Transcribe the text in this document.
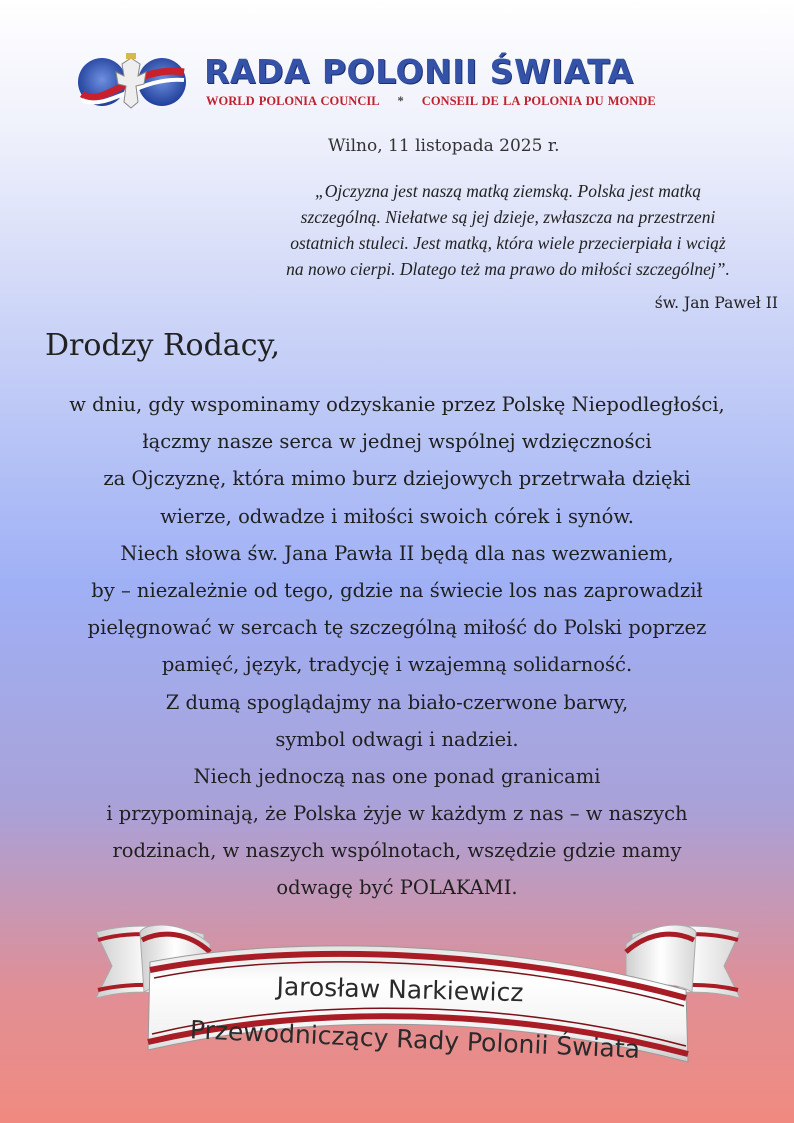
RADA POLONII ŚWIATA
WORLD POLONIA COUNCIL * CONSEIL DE LA POLONIA DU MONDE
Wilno, 11 listopada 2025 r.
„Ojczyzna jest naszą matką ziemską. Polska jest matką
szczególną. Niełatwe są jej dzieje, zwłaszcza na przestrzeni
ostatnich stuleci. Jest matką, która wiele przecierpiała i wciąż
na nowo cierpi. Dlatego też ma prawo do miłości szczególnej”.
św. Jan Paweł II
Drodzy Rodacy,
w dniu, gdy wspominamy odzyskanie przez Polskę Niepodległości,
łączmy nasze serca w jednej wspólnej wdzięczności
za Ojczyznę, która mimo burz dziejowych przetrwała dzięki
wierze, odwadze i miłości swoich córek i synów.
Niech słowa św. Jana Pawła II będą dla nas wezwaniem,
by – niezależnie od tego, gdzie na świecie los nas zaprowadził
pielęgnować w sercach tę szczególną miłość do Polski poprzez
pamięć, język, tradycję i wzajemną solidarność.
Z dumą spoglądajmy na biało-czerwone barwy,
symbol odwagi i nadziei.
Niech jednoczą nas one ponad granicami
i przypominają, że Polska żyje w każdym z nas – w naszych
rodzinach, w naszych wspólnotach, wszędzie gdzie mamy
odwagę być POLAKAMI.
Jarosław Narkiewicz
Przewodniczący Rady Polonii Świata
